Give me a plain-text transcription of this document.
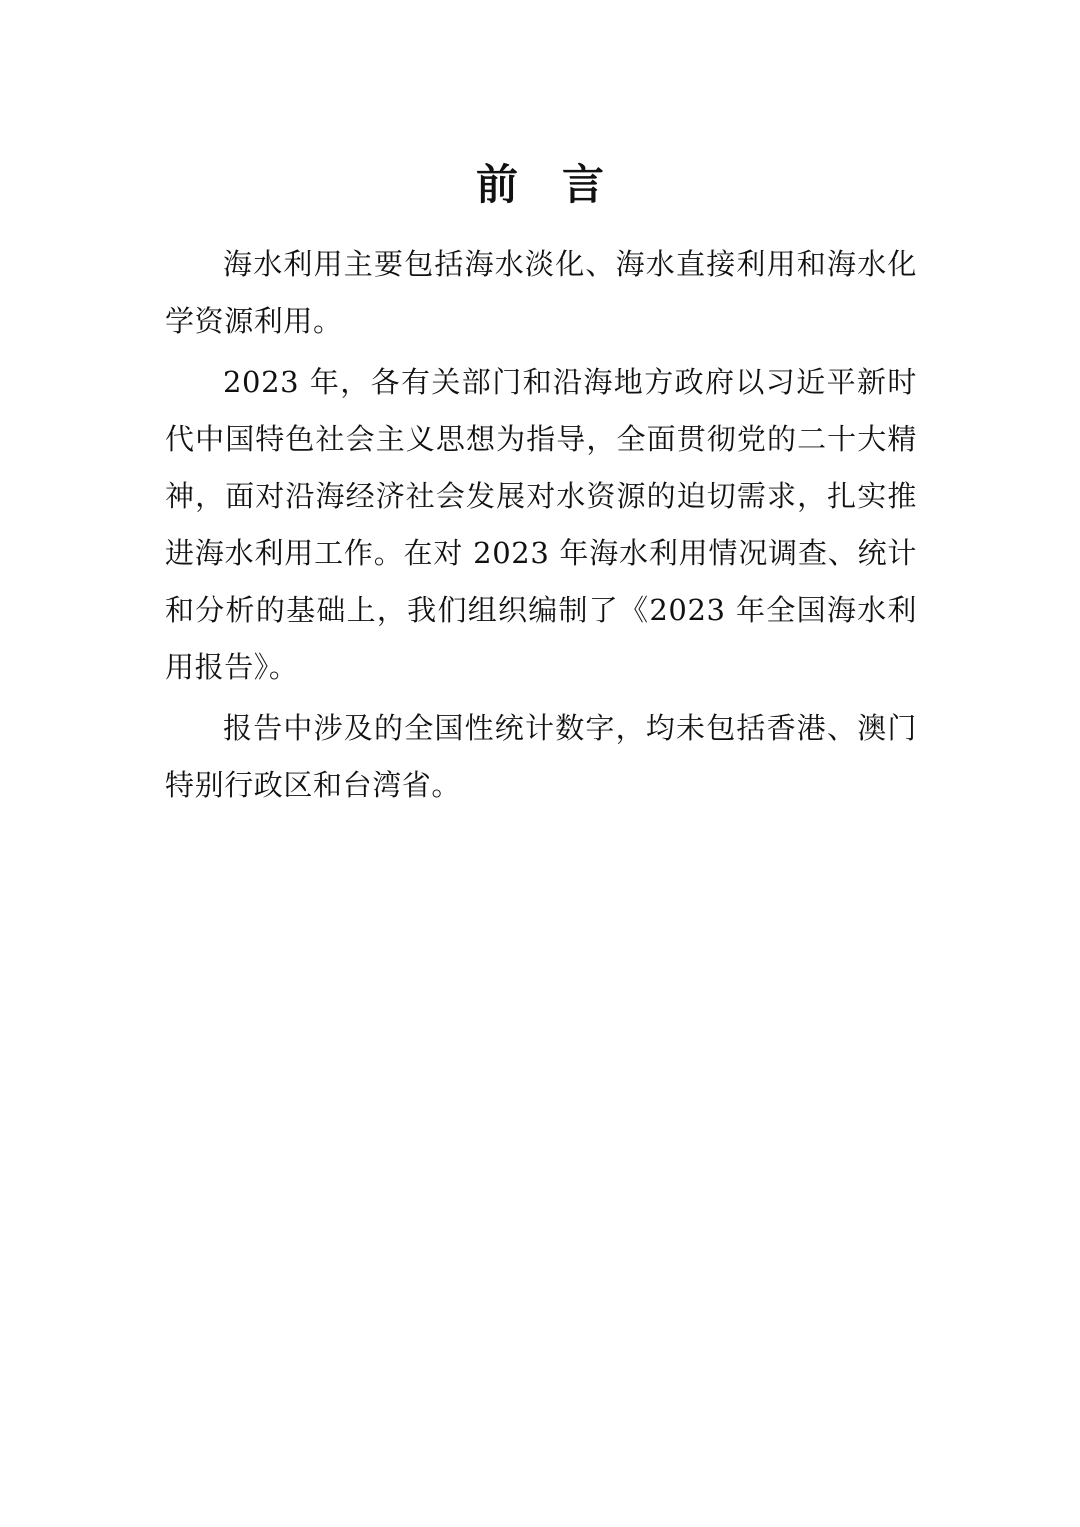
前 言

海水利用主要包括海水淡化、海水直接利用和海水化学资源利用。

2023 年，各有关部门和沿海地方政府以习近平新时代中国特色社会主义思想为指导，全面贯彻党的二十大精神，面对沿海经济社会发展对水资源的迫切需求，扎实推进海水利用工作。在对 2023 年海水利用情况调查、统计和分析的基础上，我们组织编制了《2023 年全国海水利用报告》。

报告中涉及的全国性统计数字，均未包括香港、澳门特别行政区和台湾省。
